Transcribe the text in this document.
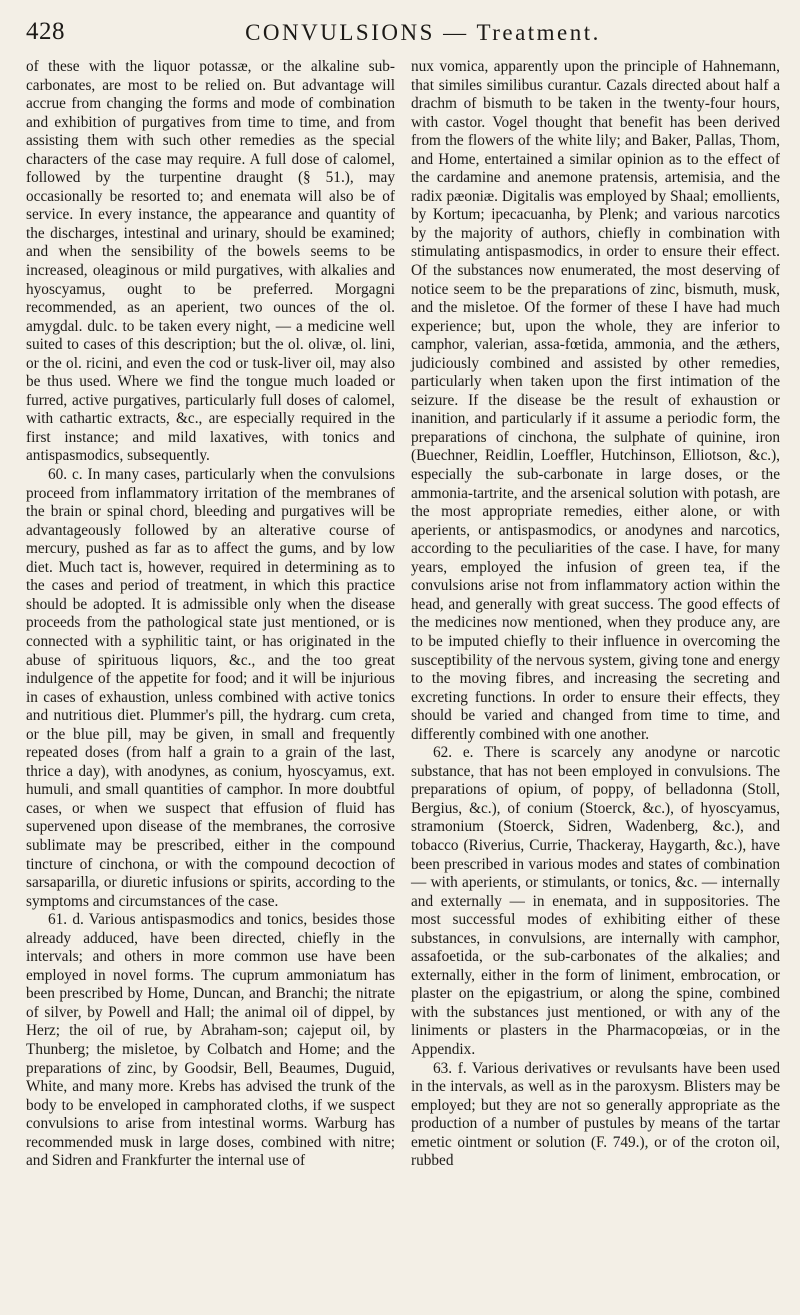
428	CONVULSIONS — Treatment.

of these with the liquor potassæ, or the alkaline sub-carbonates, are most to be relied on. But advantage will accrue from changing the forms and mode of combination and exhibition of purgatives from time to time, and from assisting them with such other remedies as the special characters of the case may require. A full dose of calomel, followed by the turpentine draught (§ 51.), may occasionally be resorted to; and enemata will also be of service. In every instance, the appearance and quantity of the discharges, intestinal and urinary, should be examined; and when the sensibility of the bowels seems to be increased, oleaginous or mild purgatives, with alkalies and hyoscyamus, ought to be preferred. Morgagni recommended, as an aperient, two ounces of the ol. amygdal. dulc. to be taken every night, — a medicine well suited to cases of this description; but the ol. olivæ, ol. lini, or the ol. ricini, and even the cod or tusk-liver oil, may also be thus used. Where we find the tongue much loaded or furred, active purgatives, particularly full doses of calomel, with cathartic extracts, &c., are especially required in the first instance; and mild laxatives, with tonics and antispasmodics, subsequently.

60. c. In many cases, particularly when the convulsions proceed from inflammatory irritation of the membranes of the brain or spinal chord, bleeding and purgatives will be advantageously followed by an alterative course of mercury, pushed as far as to affect the gums, and by low diet. Much tact is, however, required in determining as to the cases and period of treatment, in which this practice should be adopted. It is admissible only when the disease proceeds from the pathological state just mentioned, or is connected with a syphilitic taint, or has originated in the abuse of spirituous liquors, &c., and the too great indulgence of the appetite for food; and it will be injurious in cases of exhaustion, unless combined with active tonics and nutritious diet. Plummer's pill, the hydrarg. cum creta, or the blue pill, may be given, in small and frequently repeated doses (from half a grain to a grain of the last, thrice a day), with anodynes, as conium, hyoscyamus, ext. humuli, and small quantities of camphor. In more doubtful cases, or when we suspect that effusion of fluid has supervened upon disease of the membranes, the corrosive sublimate may be prescribed, either in the compound tincture of cinchona, or with the compound decoction of sarsaparilla, or diuretic infusions or spirits, according to the symptoms and circumstances of the case.

61. d. Various antispasmodics and tonics, besides those already adduced, have been directed, chiefly in the intervals; and others in more common use have been employed in novel forms. The cuprum ammoniatum has been prescribed by Home, Duncan, and Branchi; the nitrate of silver, by Powell and Hall; the animal oil of dippel, by Herz; the oil of rue, by Abraham-son; cajeput oil, by Thunberg; the misletoe, by Colbatch and Home; and the preparations of zinc, by Goodsir, Bell, Beaumes, Duguid, White, and many more. Krebs has advised the trunk of the body to be enveloped in camphorated cloths, if we suspect convulsions to arise from intestinal worms. Warburg has recommended musk in large doses, combined with nitre; and Sidren and Frankfurter the internal use of

nux vomica, apparently upon the principle of Hahnemann, that similes similibus curantur. Cazals directed about half a drachm of bismuth to be taken in the twenty-four hours, with castor. Vogel thought that benefit has been derived from the flowers of the white lily; and Baker, Pallas, Thom, and Home, entertained a similar opinion as to the effect of the cardamine and anemone pratensis, artemisia, and the radix pæoniæ. Digitalis was employed by Shaal; emollients, by Kortum; ipecacuanha, by Plenk; and various narcotics by the majority of authors, chiefly in combination with stimulating antispasmodics, in order to ensure their effect. Of the substances now enumerated, the most deserving of notice seem to be the preparations of zinc, bismuth, musk, and the misletoe. Of the former of these I have had much experience; but, upon the whole, they are inferior to camphor, valerian, assa-fœtida, ammonia, and the æthers, judiciously combined and assisted by other remedies, particularly when taken upon the first intimation of the seizure. If the disease be the result of exhaustion or inanition, and particularly if it assume a periodic form, the preparations of cinchona, the sulphate of quinine, iron (Buechner, Reidlin, Loeffler, Hutchinson, Elliotson, &c.), especially the sub-carbonate in large doses, or the ammonia-tartrite, and the arsenical solution with potash, are the most appropriate remedies, either alone, or with aperients, or antispasmodics, or anodynes and narcotics, according to the peculiarities of the case. I have, for many years, employed the infusion of green tea, if the convulsions arise not from inflammatory action within the head, and generally with great success. The good effects of the medicines now mentioned, when they produce any, are to be imputed chiefly to their influence in overcoming the susceptibility of the nervous system, giving tone and energy to the moving fibres, and increasing the secreting and excreting functions. In order to ensure their effects, they should be varied and changed from time to time, and differently combined with one another.

62. e. There is scarcely any anodyne or narcotic substance, that has not been employed in convulsions. The preparations of opium, of poppy, of belladonna (Stoll, Bergius, &c.), of conium (Stoerck, &c.), of hyoscyamus, stramonium (Stoerck, Sidren, Wadenberg, &c.), and tobacco (Riverius, Currie, Thackeray, Haygarth, &c.), have been prescribed in various modes and states of combination — with aperients, or stimulants, or tonics, &c. — internally and externally — in enemata, and in suppositories. The most successful modes of exhibiting either of these substances, in convulsions, are internally with camphor, assafoetida, or the sub-carbonates of the alkalies; and externally, either in the form of liniment, embrocation, or plaster on the epigastrium, or along the spine, combined with the substances just mentioned, or with any of the liniments or plasters in the Pharmacopœias, or in the Appendix.

63. f. Various derivatives or revulsants have been used in the intervals, as well as in the paroxysm. Blisters may be employed; but they are not so generally appropriate as the production of a number of pustules by means of the tartar emetic ointment or solution (F. 749.), or of the croton oil, rubbed
